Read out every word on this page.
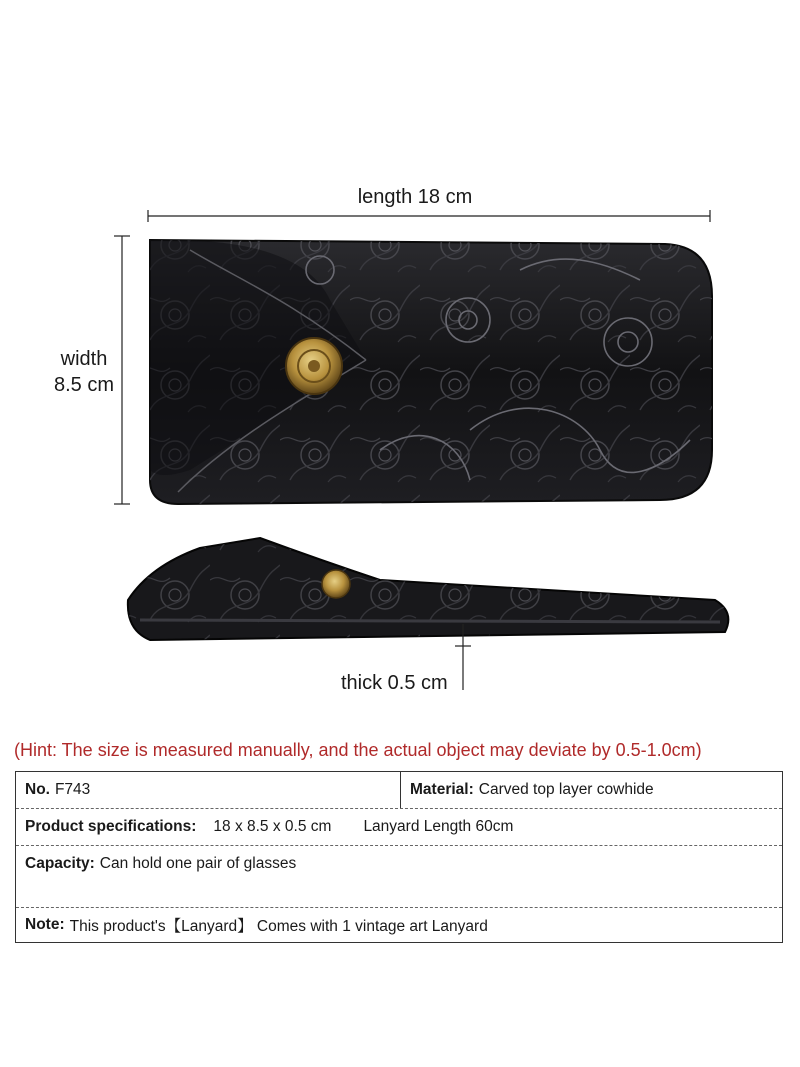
length 18 cm
width
8.5 cm
thick 0.5 cm
(Hint: The size is measured manually, and the actual object may deviate by 0.5-1.0cm)
No. F743	Material: Carved top layer cowhide
Product specifications: 18 x 8.5 x 0.5 cm Lanyard Length 60cm
Capacity: Can hold one pair of glasses
Note: This product's【Lanyard】 Comes with 1 vintage art Lanyard
